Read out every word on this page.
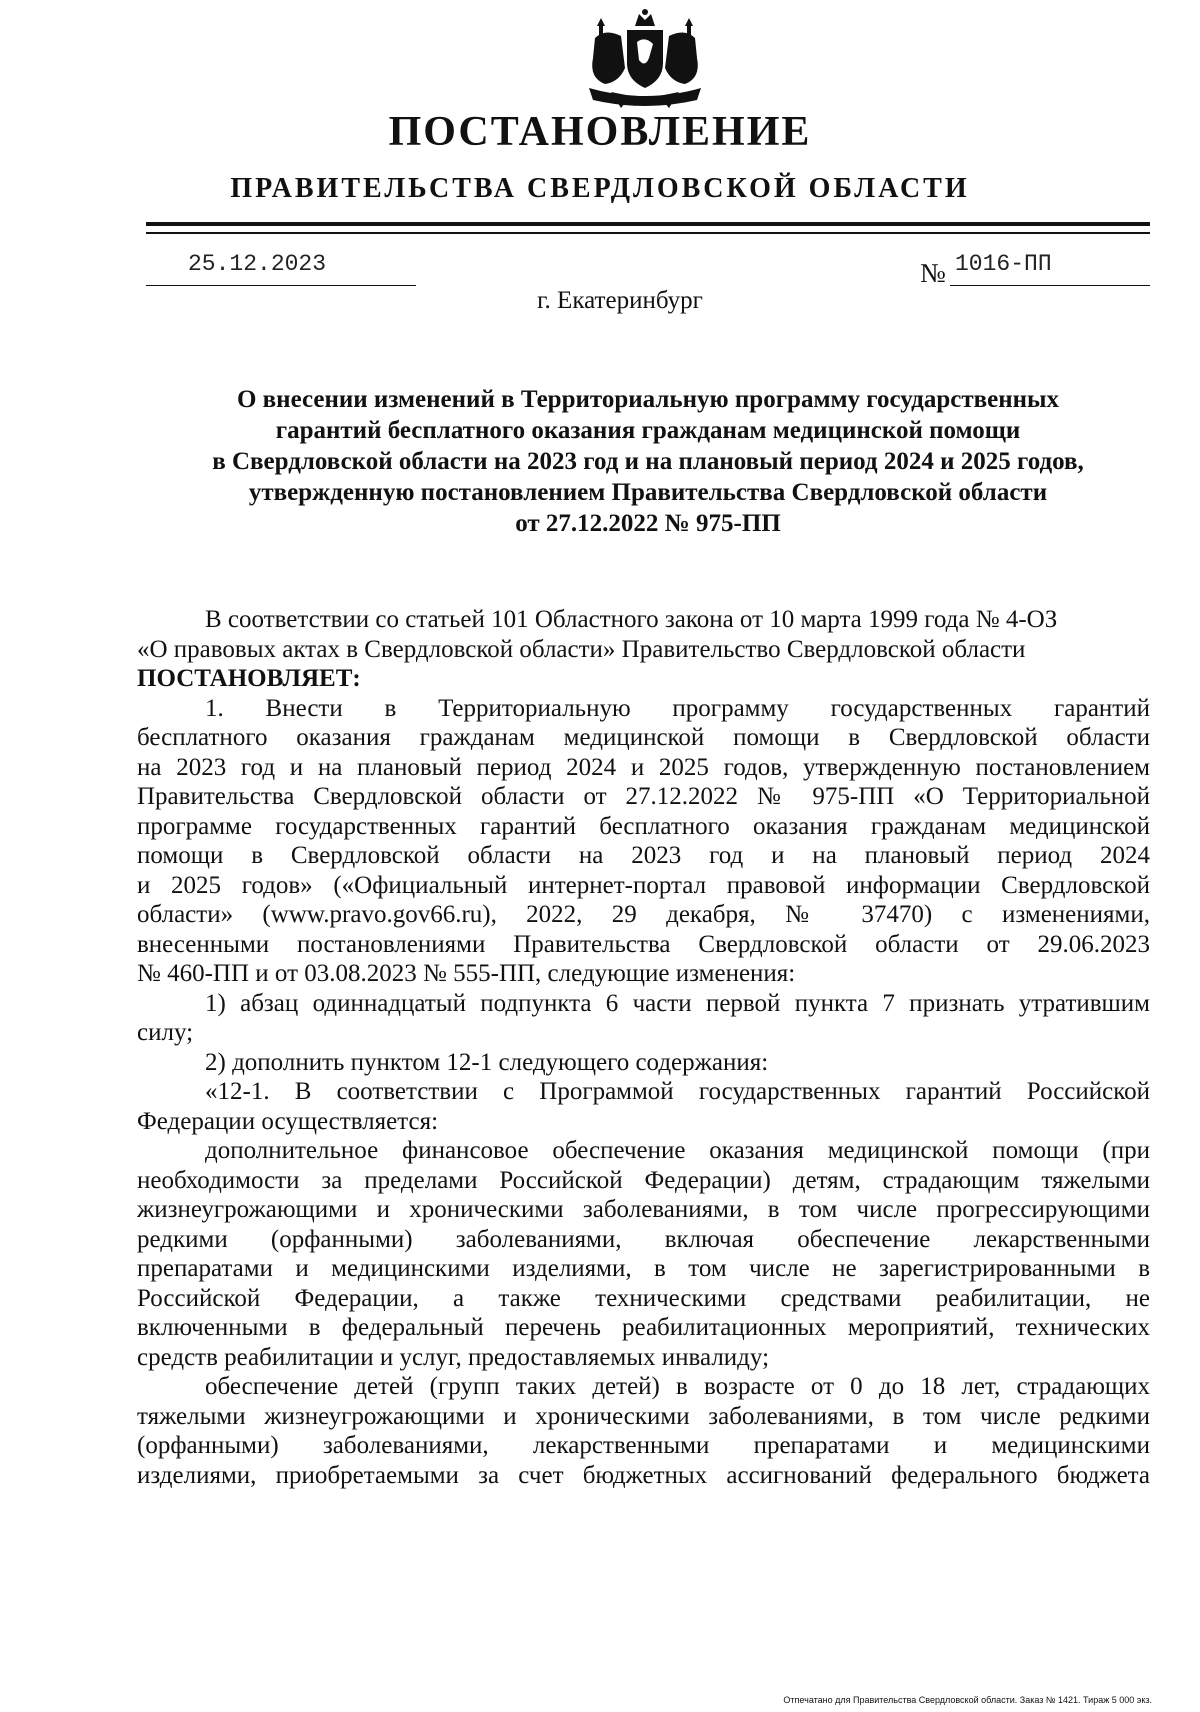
ПОСТАНОВЛЕНИЕ
ПРАВИТЕЛЬСТВА СВЕРДЛОВСКОЙ ОБЛАСТИ
25.12.2023	№ 1016-ПП
г. Екатеринбург
О внесении изменений в Территориальную программу государственных
гарантий бесплатного оказания гражданам медицинской помощи
в Свердловской области на 2023 год и на плановый период 2024 и 2025 годов,
утвержденную постановлением Правительства Свердловской области
от 27.12.2022 № 975-ПП
В соответствии со статьей 101 Областного закона от 10 марта 1999 года № 4-ОЗ
«О правовых актах в Свердловской области» Правительство Свердловской области
ПОСТАНОВЛЯЕТ:
1. Внести в Территориальную программу государственных гарантий
бесплатного оказания гражданам медицинской помощи в Свердловской области
на 2023 год и на плановый период 2024 и 2025 годов, утвержденную постановлением
Правительства Свердловской области от 27.12.2022 № 975-ПП «О Территориальной
программе государственных гарантий бесплатного оказания гражданам медицинской
помощи в Свердловской области на 2023 год и на плановый период 2024
и 2025 годов» («Официальный интернет-портал правовой информации Свердловской
области» (www.pravo.gov66.ru), 2022, 29 декабря, № 37470) с изменениями,
внесенными постановлениями Правительства Свердловской области от 29.06.2023
№ 460-ПП и от 03.08.2023 № 555-ПП, следующие изменения:
1) абзац одиннадцатый подпункта 6 части первой пункта 7 признать утратившим
силу;
2) дополнить пунктом 12-1 следующего содержания:
«12-1. В соответствии с Программой государственных гарантий Российской
Федерации осуществляется:
дополнительное финансовое обеспечение оказания медицинской помощи (при
необходимости за пределами Российской Федерации) детям, страдающим тяжелыми
жизнеугрожающими и хроническими заболеваниями, в том числе прогрессирующими
редкими (орфанными) заболеваниями, включая обеспечение лекарственными
препаратами и медицинскими изделиями, в том числе не зарегистрированными в
Российской Федерации, а также техническими средствами реабилитации, не
включенными в федеральный перечень реабилитационных мероприятий, технических
средств реабилитации и услуг, предоставляемых инвалиду;
обеспечение детей (групп таких детей) в возрасте от 0 до 18 лет, страдающих
тяжелыми жизнеугрожающими и хроническими заболеваниями, в том числе редкими
(орфанными) заболеваниями, лекарственными препаратами и медицинскими
изделиями, приобретаемыми за счет бюджетных ассигнований федерального бюджета
Отпечатано для Правительства Свердловской области. Заказ № 1421. Тираж 5 000 экз.
